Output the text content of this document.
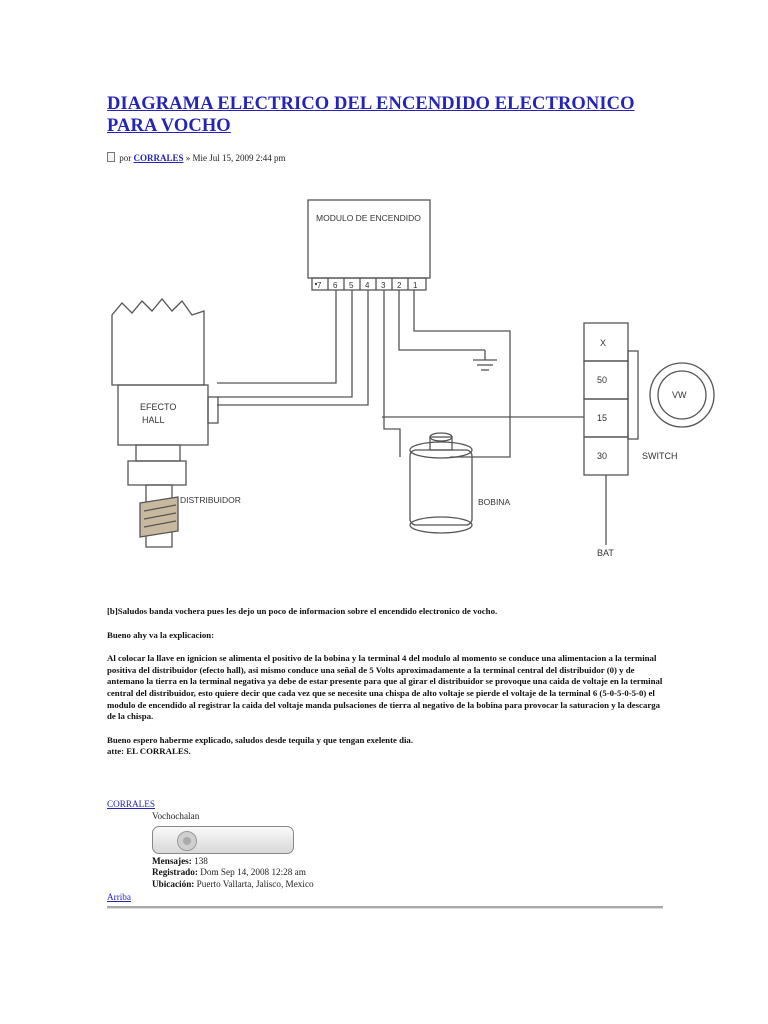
DIAGRAMA ELECTRICO DEL ENCENDIDO ELECTRONICO PARA VOCHO
por CORRALES » Mie Jul 15, 2009 2:44 pm
MODULO DE ENCENDIDO
7 6 5 4 3 2 1
EFECTO
HALL
DISTRIBUIDOR	BOBINA
X
50
15
30	SWITCH
BAT
VW

[b]Saludos banda vochera pues les dejo un poco de informacion sobre el encendido electronico de vocho.

Bueno ahy va la explicacion:

Al colocar la llave en ignicion se alimenta el positivo de la bobina y la terminal 4 del modulo al momento se conduce una alimentacion a la terminal positiva del distribuidor (efecto hall), asi mismo conduce una señal de 5 Volts aproximadamente a la terminal central del distribuidor (0) y de antemano la tierra en la terminal negativa ya debe de estar presente para que al girar el distribuidor se provoque una caida de voltaje en la terminal central del distribuidor, esto quiere decir que cada vez que se necesite una chispa de alto voltaje se pierde el voltaje de la terminal 6 (5-0-5-0-5-0) el modulo de encendido al registrar la caida del voltaje manda pulsaciones de tierra al negativo de la bobina para provocar la saturacion y la descarga de la chispa.

Bueno espero haberme explicado, saludos desde tequila y que tengan exelente dia.

atte: EL CORRALES.

CORRALES
Vochochalan
Mensajes: 138
Registrado: Dom Sep 14, 2008 12:28 am
Ubicación: Puerto Vallarta, Jalisco, Mexico
Arriba
